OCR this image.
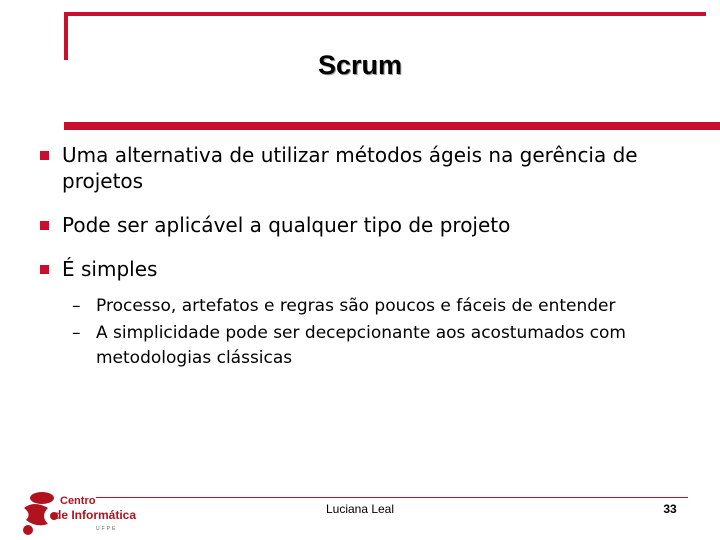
Scrum
Uma alternativa de utilizar métodos ágeis na gerência de projetos
Pode ser aplicável a qualquer tipo de projeto
É simples
– Processo, artefatos e regras são poucos e fáceis de entender
– A simplicidade pode ser decepcionante aos acostumados com metodologias clássicas
Centro
de Informática
UFPE
Luciana Leal	33
